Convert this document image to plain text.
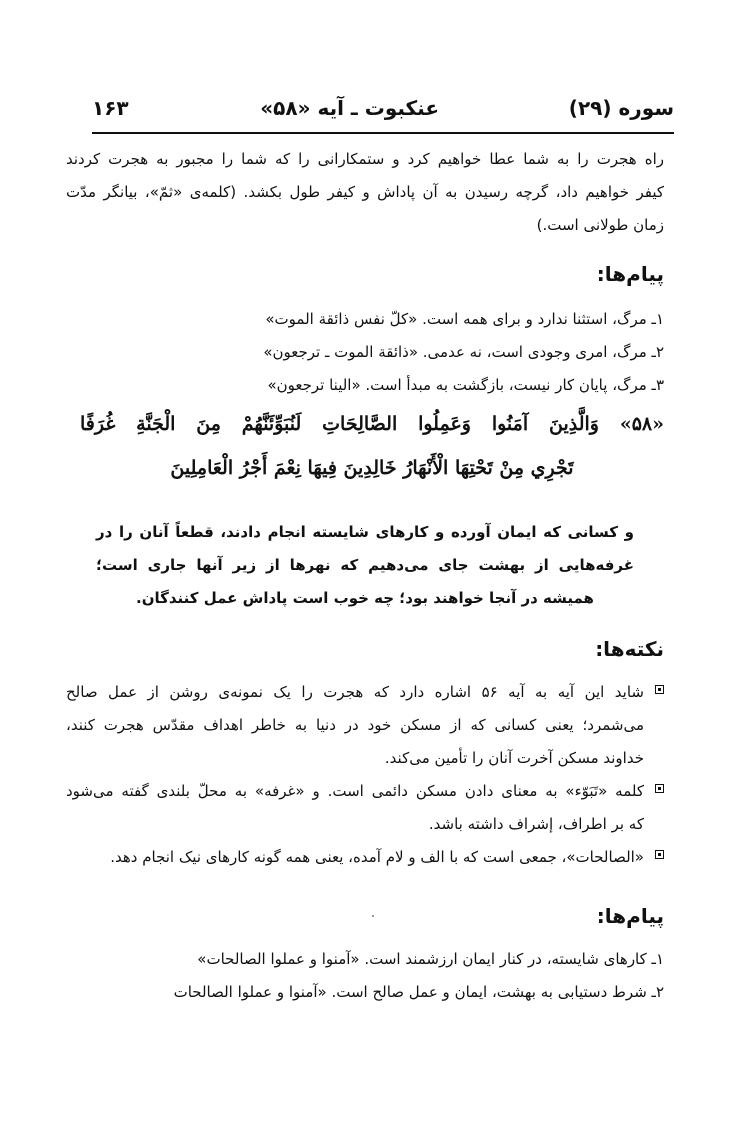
سوره (۲۹)
عنکبوت ـ آیه «۵۸»
۱۶۳
راه هجرت را به شما عطا خواهیم کرد و ستمکارانی را که شما را مجبور به هجرت کردند
کیفر خواهیم داد، گرچه رسیدن به آن پاداش و کیفر طول بکشد. (کلمه‌ی «ثمّ»، بیانگر مدّت
زمان طولانی است.)
پیام‌ها:
۱ـ مرگ، استثنا ندارد و برای همه است. «کلّ نفس ذائقة الموت»
۲ـ مرگ، امری وجودی است، نه عدمی. «ذائقة الموت ـ ترجعون»
۳ـ مرگ، پایان کار نیست، بازگشت به مبدأ است. «الینا ترجعون»
«۵۸» وَالَّذِينَ آمَنُوا وَعَمِلُوا الصَّالِحَاتِ لَنُبَوِّئَنَّهُمْ مِنَ الْجَنَّةِ غُرَفًا
تَجْرِي مِنْ تَحْتِهَا الْأَنْهَارُ خَالِدِينَ فِيهَا نِعْمَ أَجْرُ الْعَامِلِينَ
و کسانی که ایمان آورده و کارهای شایسته انجام دادند، قطعاً آنان را در
غرفه‌هایی از بهشت جای می‌دهیم که نهرها از زیر آنها جاری است؛
همیشه در آنجا خواهند بود؛ چه خوب است پاداش عمل کنندگان.
نکته‌ها:
شاید این آیه به آیه ۵۶ اشاره دارد که هجرت را یک نمونه‌ی روشن از عمل صالح
می‌شمرد؛ یعنی کسانی که از مسکن خود در دنیا به خاطر اهداف مقدّس هجرت کنند،
خداوند مسکن آخرت آنان را تأمین می‌کند.
کلمه «تَبَوّء» به معنای دادن مسکن دائمی است. و «غرفه» به محلّ بلندی گفته می‌شود
که بر اطراف، إشراف داشته باشد.
«الصالحات»، جمعی است که با الف و لام آمده، یعنی همه گونه کارهای نیک انجام دهد.
پیام‌ها:
۱ـ کارهای شایسته، در کنار ایمان ارزشمند است. «آمنوا و عملوا الصالحات»
۲ـ شرط دستیابی به بهشت، ایمان و عمل صالح است. «آمنوا و عملوا الصالحات
